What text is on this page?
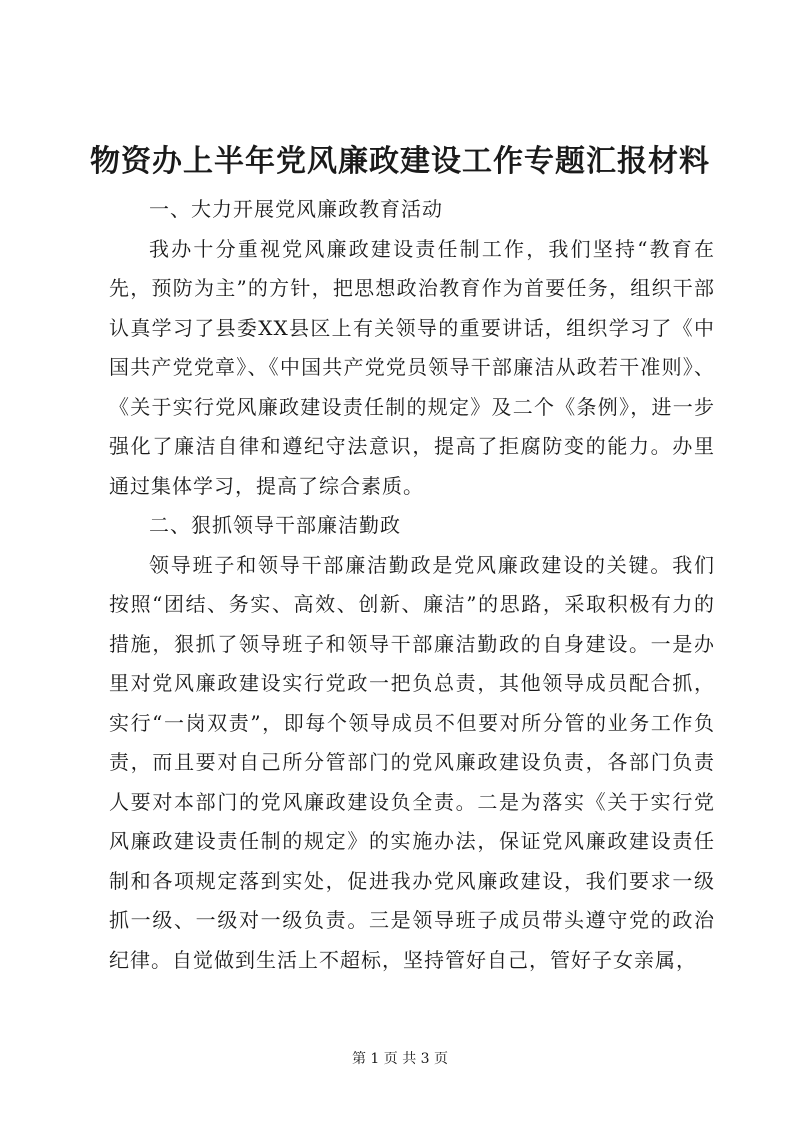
物资办上半年党风廉政建设工作专题汇报材料

一、大力开展党风廉政教育活动

我办十分重视党风廉政建设责任制工作，我们坚持“教育在先，预防为主”的方针，把思想政治教育作为首要任务，组织干部认真学习了县委XX县区上有关领导的重要讲话，组织学习了《中国共产党党章》、《中国共产党党员领导干部廉洁从政若干准则》、《关于实行党风廉政建设责任制的规定》及二个《条例》，进一步强化了廉洁自律和遵纪守法意识，提高了拒腐防变的能力。办里通过集体学习，提高了综合素质。

二、狠抓领导干部廉洁勤政

领导班子和领导干部廉洁勤政是党风廉政建设的关键。我们按照“团结、务实、高效、创新、廉洁”的思路，采取积极有力的措施，狠抓了领导班子和领导干部廉洁勤政的自身建设。一是办里对党风廉政建设实行党政一把负总责，其他领导成员配合抓，实行“一岗双责”，即每个领导成员不但要对所分管的业务工作负责，而且要对自己所分管部门的党风廉政建设负责，各部门负责人要对本部门的党风廉政建设负全责。二是为落实《关于实行党风廉政建设责任制的规定》的实施办法，保证党风廉政建设责任制和各项规定落到实处，促进我办党风廉政建设，我们要求一级抓一级、一级对一级负责。三是领导班子成员带头遵守党的政治纪律。自觉做到生活上不超标，坚持管好自己，管好子女亲属，

第 1 页 共 3 页
